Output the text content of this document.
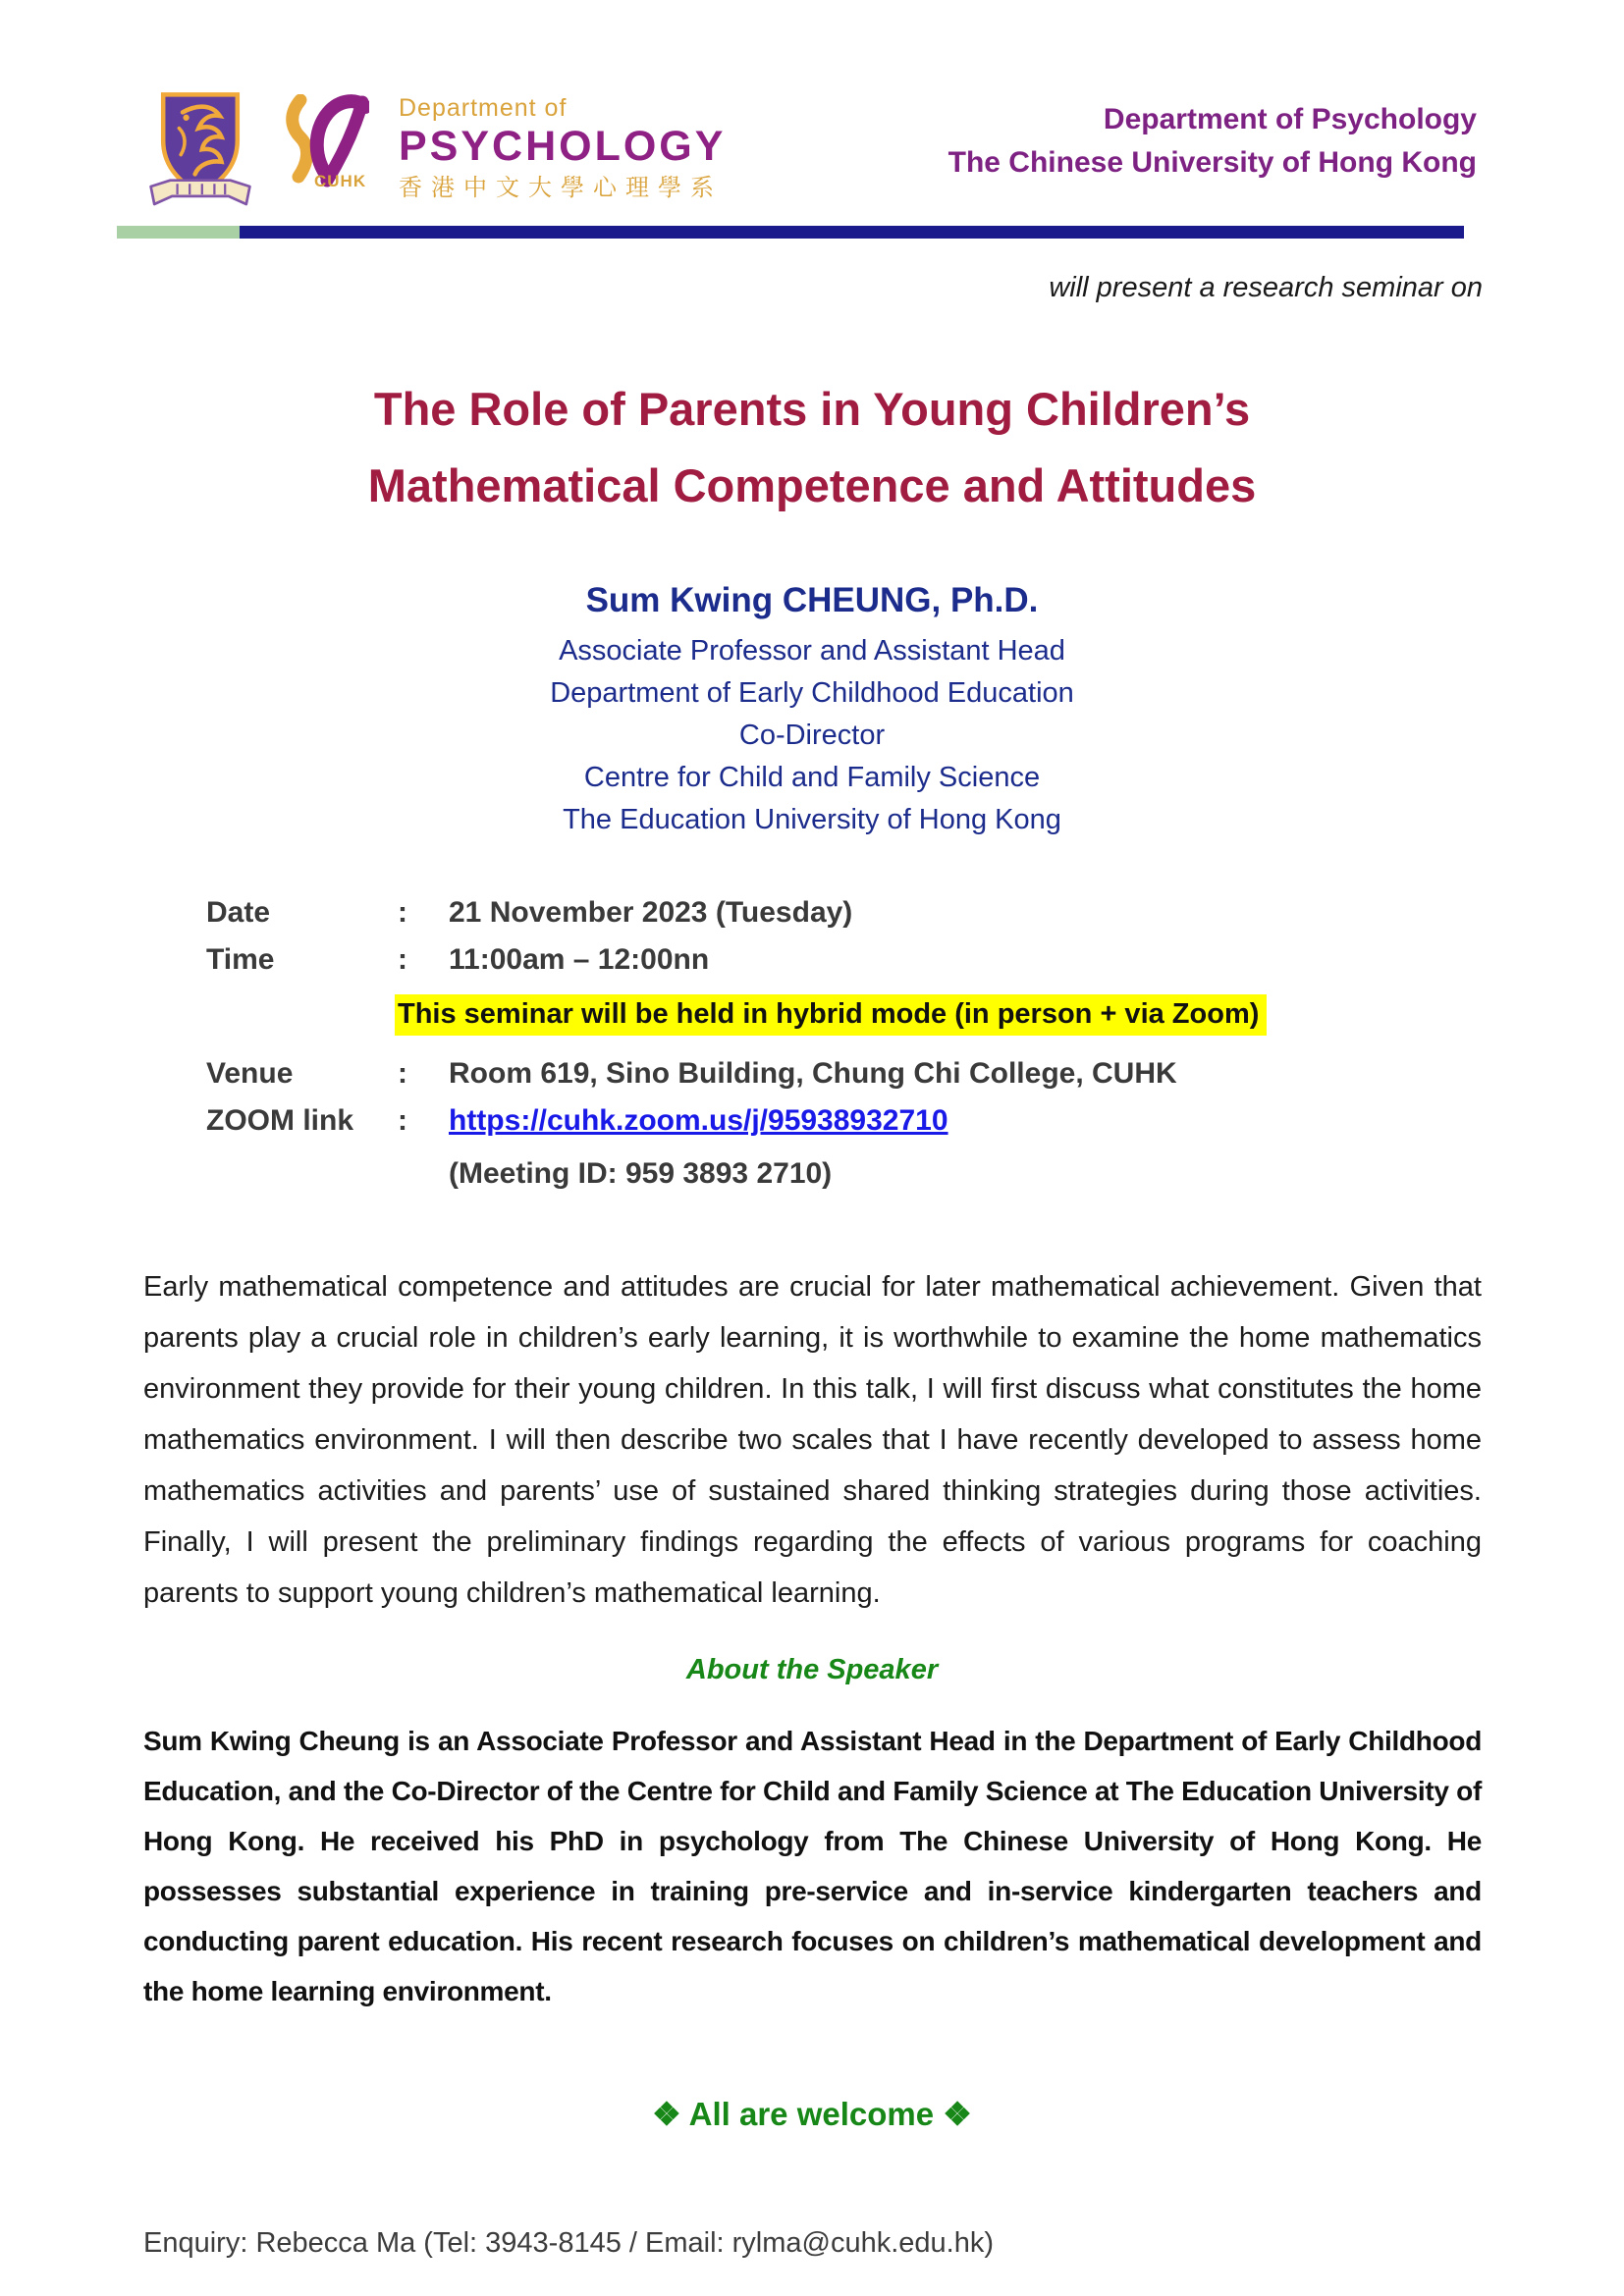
CUHK
Department of
PSYCHOLOGY
香港中文大學心理學系
Department of Psychology
The Chinese University of Hong Kong
will present a research seminar on
The Role of Parents in Young Children’s
Mathematical Competence and Attitudes
Sum Kwing CHEUNG, Ph.D.
Associate Professor and Assistant Head
Department of Early Childhood Education
Co-Director
Centre for Child and Family Science
The Education University of Hong Kong
Date	:	21 November 2023 (Tuesday)
Time	:	11:00am – 12:00nn
This seminar will be held in hybrid mode (in person + via Zoom)
Venue	:	Room 619, Sino Building, Chung Chi College, CUHK
ZOOM link	:	https://cuhk.zoom.us/j/95938932710
(Meeting ID: 959 3893 2710)
Early mathematical competence and attitudes are crucial for later mathematical achievement. Given that parents play a crucial role in children’s early learning, it is worthwhile to examine the home mathematics environment they provide for their young children. In this talk, I will first discuss what constitutes the home mathematics environment. I will then describe two scales that I have recently developed to assess home mathematics activities and parents’ use of sustained shared thinking strategies during those activities. Finally, I will present the preliminary findings regarding the effects of various programs for coaching parents to support young children’s mathematical learning.
About the Speaker
Sum Kwing Cheung is an Associate Professor and Assistant Head in the Department of Early Childhood Education, and the Co-Director of the Centre for Child and Family Science at The Education University of Hong Kong. He received his PhD in psychology from The Chinese University of Hong Kong. He possesses substantial experience in training pre-service and in-service kindergarten teachers and conducting parent education. His recent research focuses on children’s mathematical development and the home learning environment.
❖ All are welcome ❖
Enquiry: Rebecca Ma (Tel: 3943-8145 / Email: rylma@cuhk.edu.hk)
